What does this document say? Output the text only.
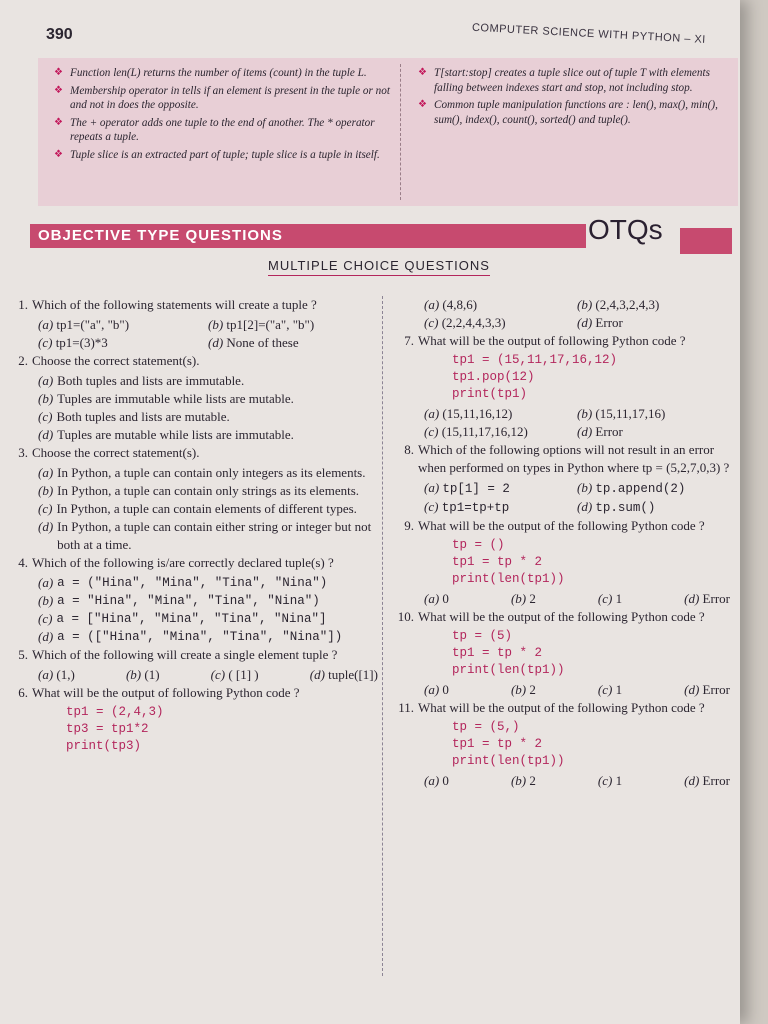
390	COMPUTER SCIENCE WITH PYTHON – XI
❖ Function len(L) returns the number of items (count) in the tuple L.
❖ Membership operator in tells if an element is present in the tuple or not and not in does the opposite.
❖ The + operator adds one tuple to the end of another. The * operator repeats a tuple.
❖ Tuple slice is an extracted part of tuple; tuple slice is a tuple in itself.
❖ T[start:stop] creates a tuple slice out of tuple T with elements falling between indexes start and stop, not including stop.
❖ Common tuple manipulation functions are : len(), max(), min(), sum(), index(), count(), sorted() and tuple().
OBJECTIVE TYPE QUESTIONS	OTQs
MULTIPLE CHOICE QUESTIONS
1. Which of the following statements will create a tuple ?
(a) tp1=("a", "b")	(b) tp1[2]=("a", "b")
(c) tp1=(3)*3	(d) None of these
2. Choose the correct statement(s).
(a) Both tuples and lists are immutable.
(b) Tuples are immutable while lists are mutable.
(c) Both tuples and lists are mutable.
(d) Tuples are mutable while lists are immutable.
3. Choose the correct statement(s).
(a) In Python, a tuple can contain only integers as its elements.
(b) In Python, a tuple can contain only strings as its elements.
(c) In Python, a tuple can contain elements of different types.
(d) In Python, a tuple can contain either string or integer but not both at a time.
4. Which of the following is/are correctly declared tuple(s) ?
(a) a = ("Hina", "Mina", "Tina", "Nina")
(b) a = "Hina", "Mina", "Tina", "Nina")
(c) a = ["Hina", "Mina", "Tina", "Nina"]
(d) a = (["Hina", "Mina", "Tina", "Nina"])
5. Which of the following will create a single element tuple ?
(a) (1,)	(b) (1)	(c) ( [1] )	(d) tuple([1])
6. What will be the output of following Python code ?
tp1 = (2,4,3)
tp3 = tp1*2
print(tp3)
(a) (4,8,6)	(b) (2,4,3,2,4,3)
(c) (2,2,4,4,3,3)	(d) Error
7. What will be the output of following Python code ?
tp1 = (15,11,17,16,12)
tp1.pop(12)
print(tp1)
(a) (15,11,16,12)	(b) (15,11,17,16)
(c) (15,11,17,16,12)	(d) Error
8. Which of the following options will not result in an error when performed on types in Python where tp = (5,2,7,0,3) ?
(a) tp[1] = 2	(b) tp.append(2)
(c) tp1=tp+tp	(d) tp.sum()
9. What will be the output of the following Python code ?
tp = ()
tp1 = tp * 2
print(len(tp1))
(a) 0	(b) 2	(c) 1	(d) Error
10. What will be the output of the following Python code ?
tp = (5)
tp1 = tp * 2
print(len(tp1))
(a) 0	(b) 2	(c) 1	(d) Error
11. What will be the output of the following Python code ?
tp = (5,)
tp1 = tp * 2
print(len(tp1))
(a) 0	(b) 2	(c) 1	(d) Error
